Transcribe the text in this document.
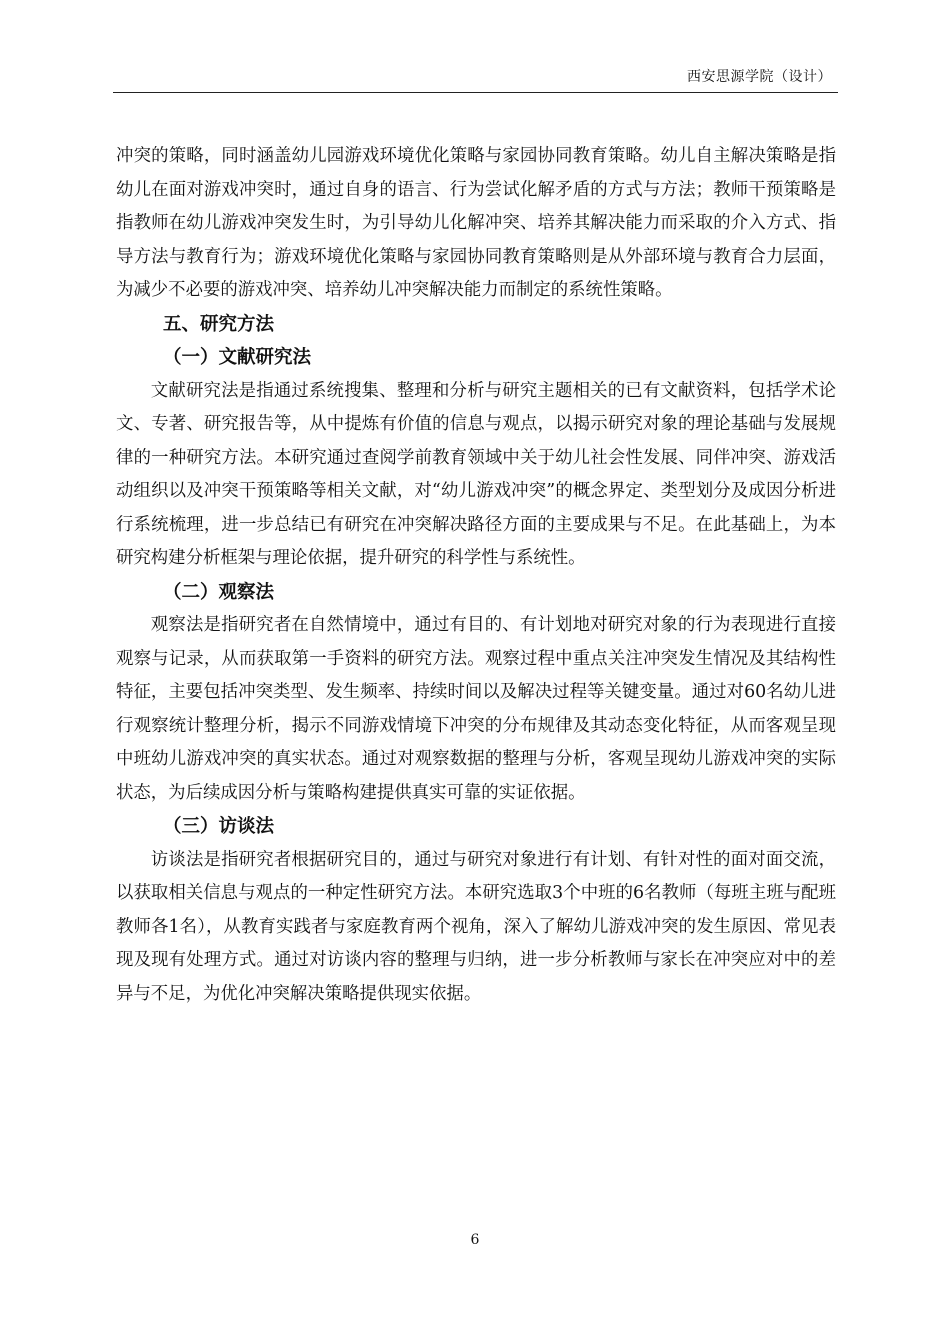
西安思源学院（设计）

冲突的策略，同时涵盖幼儿园游戏环境优化策略与家园协同教育策略。幼儿自主解决策略是指幼儿在面对游戏冲突时，通过自身的语言、行为尝试化解矛盾的方式与方法；教师干预策略是指教师在幼儿游戏冲突发生时，为引导幼儿化解冲突、培养其解决能力而采取的介入方式、指导方法与教育行为；游戏环境优化策略与家园协同教育策略则是从外部环境与教育合力层面，为减少不必要的游戏冲突、培养幼儿冲突解决能力而制定的系统性策略。

五、研究方法

（一）文献研究法

文献研究法是指通过系统搜集、整理和分析与研究主题相关的已有文献资料，包括学术论文、专著、研究报告等，从中提炼有价值的信息与观点，以揭示研究对象的理论基础与发展规律的一种研究方法。本研究通过查阅学前教育领域中关于幼儿社会性发展、同伴冲突、游戏活动组织以及冲突干预策略等相关文献，对“幼儿游戏冲突”的概念界定、类型划分及成因分析进行系统梳理，进一步总结已有研究在冲突解决路径方面的主要成果与不足。在此基础上，为本研究构建分析框架与理论依据，提升研究的科学性与系统性。

（二）观察法

观察法是指研究者在自然情境中，通过有目的、有计划地对研究对象的行为表现进行直接观察与记录，从而获取第一手资料的研究方法。观察过程中重点关注冲突发生情况及其结构性特征，主要包括冲突类型、发生频率、持续时间以及解决过程等关键变量。通过对60名幼儿进行观察统计整理分析，揭示不同游戏情境下冲突的分布规律及其动态变化特征，从而客观呈现中班幼儿游戏冲突的真实状态。通过对观察数据的整理与分析，客观呈现幼儿游戏冲突的实际状态，为后续成因分析与策略构建提供真实可靠的实证依据。

（三）访谈法

访谈法是指研究者根据研究目的，通过与研究对象进行有计划、有针对性的面对面交流，以获取相关信息与观点的一种定性研究方法。本研究选取3个中班的6名教师（每班主班与配班教师各1名），从教育实践者与家庭教育两个视角，深入了解幼儿游戏冲突的发生原因、常见表现及现有处理方式。通过对访谈内容的整理与归纳，进一步分析教师与家长在冲突应对中的差异与不足，为优化冲突解决策略提供现实依据。

6
